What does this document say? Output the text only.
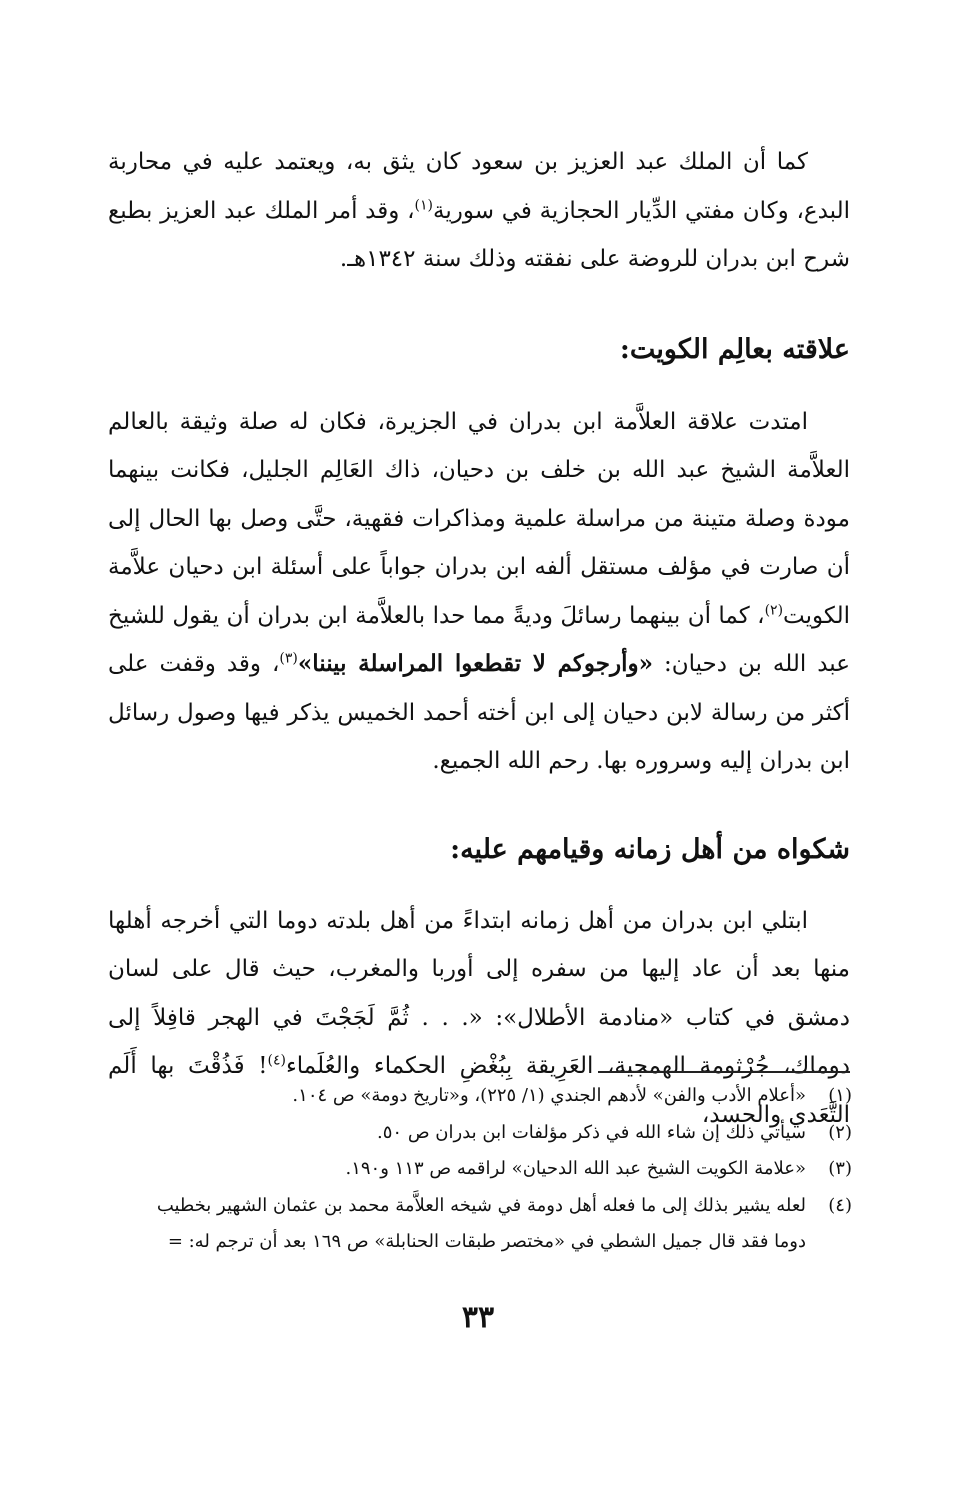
كما أن الملك عبد العزيز بن سعود كان يثق به، ويعتمد عليه في محاربة البدع، وكان مفتي الدِّيار الحجازية في سورية$^{(١)}$، وقد أمر الملك عبد العزيز بطبع شرح ابن بدران للروضة على نفقته وذلك سنة ١٣٤٢هـ.

علاقته بعالِم الكويت:

امتدت علاقة العلاَّمة ابن بدران في الجزيرة، فكان له صلة وثيقة بالعالم العلاَّمة الشيخ عبد الله بن خلف بن دحيان، ذاك العَالِم الجليل، فكانت بينهما مودة وصلة متينة من مراسلة علمية ومذاكرات فقهية، حتَّى وصل بها الحال إلى أن صارت في مؤلف مستقل ألفه ابن بدران جواباً على أسئلة ابن دحيان علاَّمة الكويت$^{(٢)}$، كما أن بينهما رسائلَ وديةً مما حدا بالعلاَّمة ابن بدران أن يقول للشيخ عبد الله بن دحيان: «وأرجوكم لا تقطعوا المراسلة بيننا»$^{(٣)}$، وقد وقفت على أكثر من رسالة لابن دحيان إلى ابن أخته أحمد الخميس يذكر فيها وصول رسائل ابن بدران إليه وسروره بها. رحم الله الجميع.

شكواه من أهل زمانه وقيامهم عليه:

ابتلي ابن بدران من أهل زمانه ابتداءً من أهل بلدته دوما التي أخرجه أهلها منها بعد أن عاد إليها من سفره إلى أوربا والمغرب، حيث قال على لسان دمشق في كتاب «منادمة الأطلال»: «. . . ثُمَّ لَجَجْتَ في الهجر قافِلاً إلى دوماك، جُرْثومة الهمجية، العَرِيقة بِبُغْضِ الحكماء والعُلَماء$^{(٤)}$! فَذُقْتَ بها أَلَم التَّعَدي والحسد،

(١)
«أعلام الأدب والفن» لأدهم الجندي (١/ ٢٢٥)، و«تاريخ دومة» ص ١٠٤.
(٢)
سيأتي ذلك إن شاء الله في ذكر مؤلفات ابن بدران ص ٥٠.
(٣)
«علامة الكويت الشيخ عبد الله الدحيان» لراقمه ص ١١٣ و١٩٠.
(٤)
لعله يشير بذلك إلى ما فعله أهل دومة في شيخه العلاَّمة محمد بن عثمان الشهير بخطيب
دوما فقد قال جميل الشطي في «مختصر طبقات الحنابلة» ص ١٦٩ بعد أن ترجم له: =
٣٣
